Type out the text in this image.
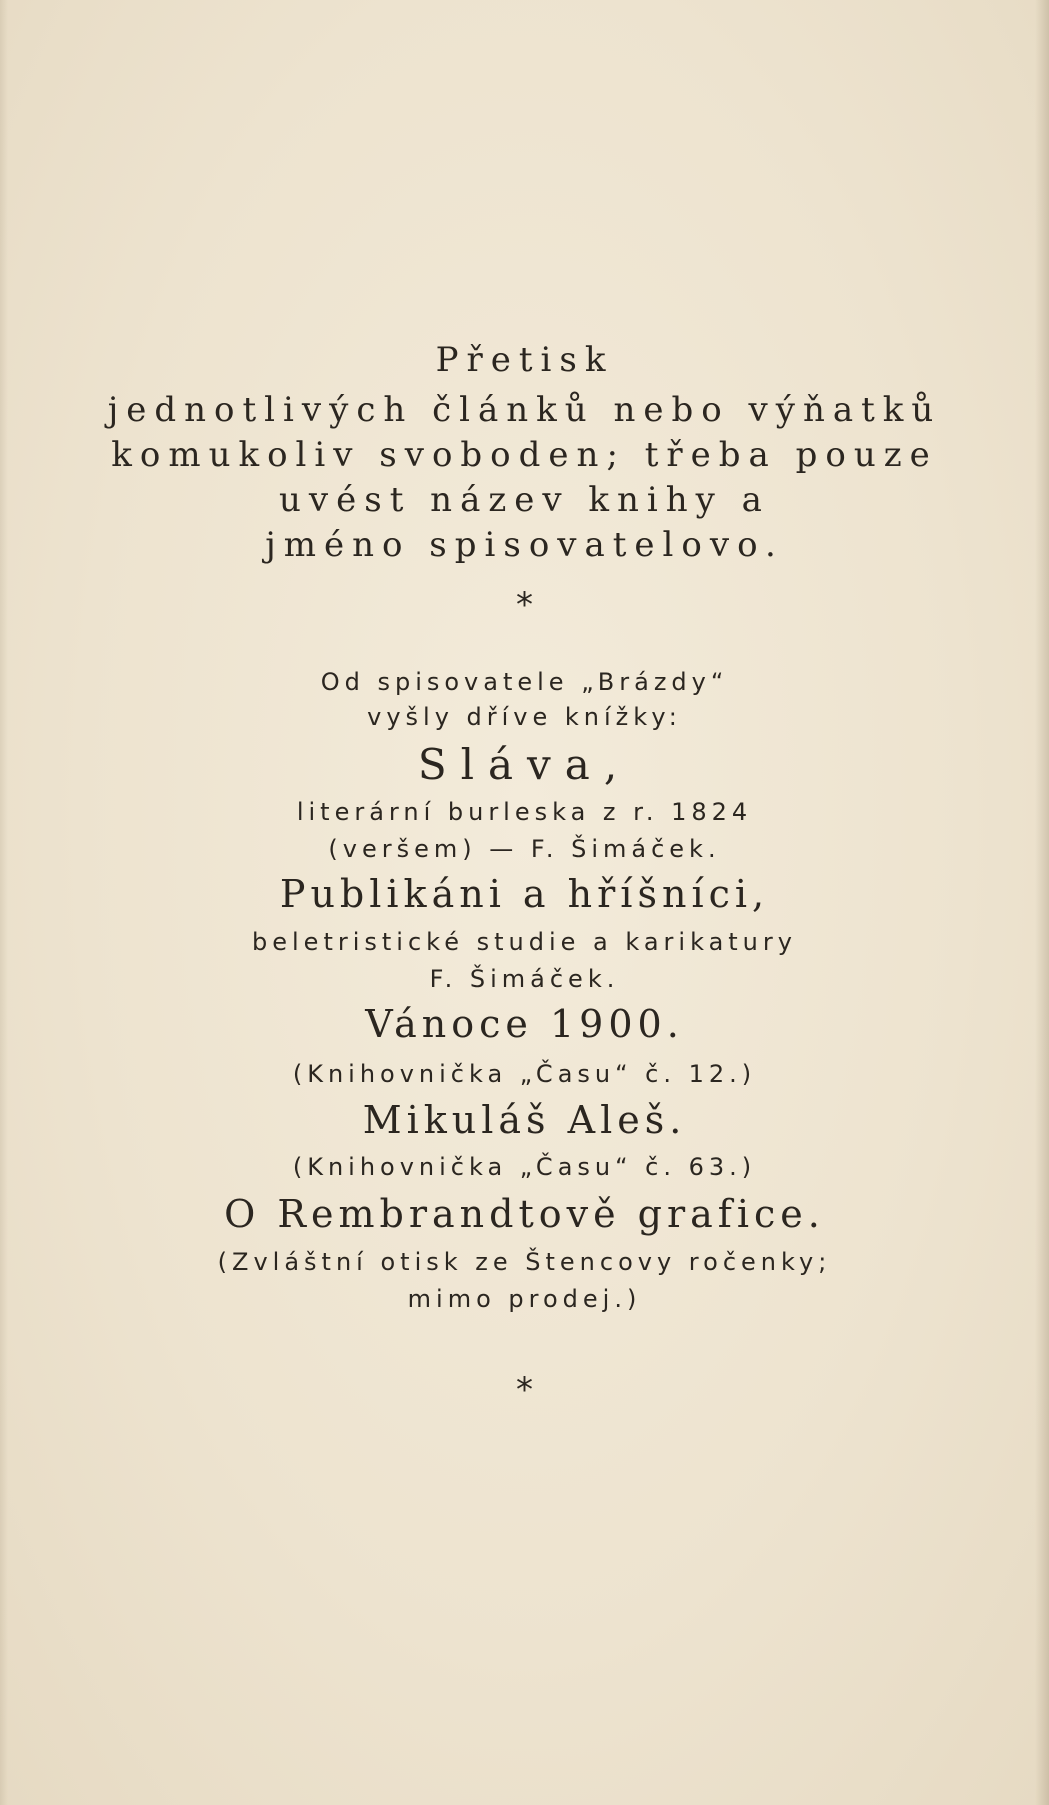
Přetisk
jednotlivých článků nebo výňatků
komukoliv svoboden; třeba pouze
uvést název knihy a
jméno spisovatelovo.
*
Od spisovatele „Brázdy“
vyšly dříve knížky:
Sláva,
literární burleska z r. 1824
(veršem) — F. Šimáček.
Publikáni a hříšníci,
beletristické studie a karikatury
F. Šimáček.
Vánoce 1900.
(Knihovnička „Času“ č. 12.)
Mikuláš Aleš.
(Knihovnička „Času“ č. 63.)
O Rembrandtově grafice.
(Zvláštní otisk ze Štencovy ročenky;
mimo prodej.)
*
